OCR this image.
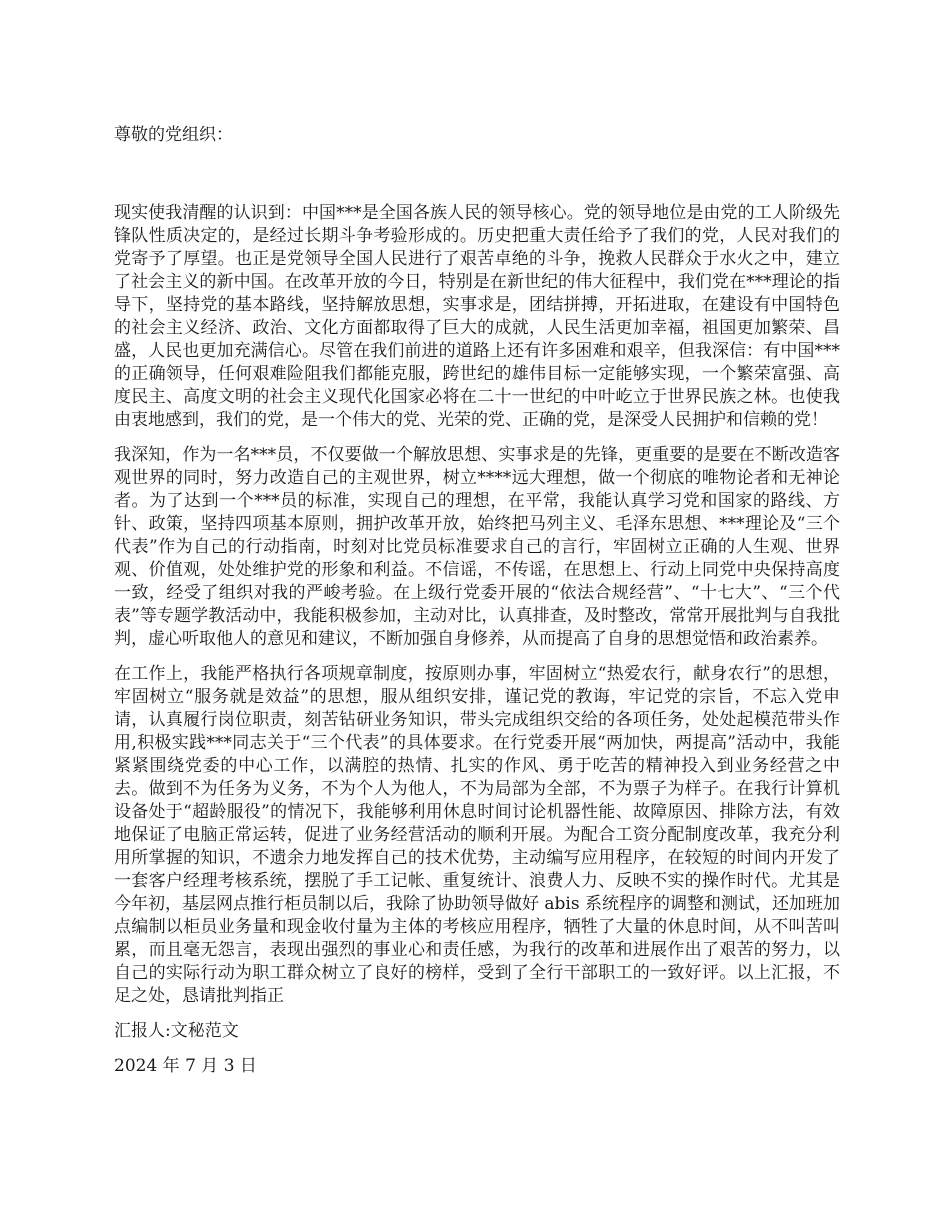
尊敬的党组织：

现实使我清醒的认识到：中国***是全国各族人民的领导核心。党的领导地位是由党的工人阶级先锋队性质决定的，是经过长期斗争考验形成的。历史把重大责任给予了我们的党，人民对我们的党寄予了厚望。也正是党领导全国人民进行了艰苦卓绝的斗争，挽救人民群众于水火之中，建立了社会主义的新中国。在改革开放的今日，特别是在新世纪的伟大征程中，我们党在***理论的指导下，坚持党的基本路线，坚持解放思想，实事求是，团结拼搏，开拓进取，在建设有中国特色的社会主义经济、政治、文化方面都取得了巨大的成就，人民生活更加幸福，祖国更加繁荣、昌盛，人民也更加充满信心。尽管在我们前进的道路上还有许多困难和艰辛，但我深信：有中国***的正确领导，任何艰难险阻我们都能克服，跨世纪的雄伟目标一定能够实现，一个繁荣富强、高度民主、高度文明的社会主义现代化国家必将在二十一世纪的中叶屹立于世界民族之林。也使我由衷地感到，我们的党，是一个伟大的党、光荣的党、正确的党，是深受人民拥护和信赖的党！

我深知，作为一名***员，不仅要做一个解放思想、实事求是的先锋，更重要的是要在不断改造客观世界的同时，努力改造自己的主观世界，树立****远大理想，做一个彻底的唯物论者和无神论者。为了达到一个***员的标准，实现自己的理想，在平常，我能认真学习党和国家的路线、方针、政策，坚持四项基本原则，拥护改革开放，始终把马列主义、毛泽东思想、***理论及“三个代表”作为自己的行动指南，时刻对比党员标准要求自己的言行，牢固树立正确的人生观、世界观、价值观，处处维护党的形象和利益。不信谣，不传谣，在思想上、行动上同党中央保持高度一致，经受了组织对我的严峻考验。在上级行党委开展的“依法合规经营”、“十七大”、“三个代表”等专题学教活动中，我能积极参加，主动对比，认真排查，及时整改，常常开展批判与自我批判，虚心听取他人的意见和建议，不断加强自身修养，从而提高了自身的思想觉悟和政治素养。

在工作上，我能严格执行各项规章制度，按原则办事，牢固树立“热爱农行，献身农行”的思想，牢固树立“服务就是效益”的思想，服从组织安排，谨记党的教诲，牢记党的宗旨，不忘入党申请，认真履行岗位职责，刻苦钻研业务知识，带头完成组织交给的各项任务，处处起模范带头作用,积极实践***同志关于“三个代表”的具体要求。在行党委开展“两加快，两提高”活动中，我能紧紧围绕党委的中心工作，以满腔的热情、扎实的作风、勇于吃苦的精神投入到业务经营之中去。做到不为任务为义务，不为个人为他人，不为局部为全部，不为票子为样子。在我行计算机设备处于“超龄服役”的情况下，我能够利用休息时间讨论机器性能、故障原因、排除方法，有效地保证了电脑正常运转，促进了业务经营活动的顺利开展。为配合工资分配制度改革，我充分利用所掌握的知识，不遗余力地发挥自己的技术优势，主动编写应用程序，在较短的时间内开发了一套客户经理考核系统，摆脱了手工记帐、重复统计、浪费人力、反映不实的操作时代。尤其是今年初，基层网点推行柜员制以后，我除了协助领导做好 abis 系统程序的调整和测试，还加班加点编制以柜员业务量和现金收付量为主体的考核应用程序，牺牲了大量的休息时间，从不叫苦叫累，而且毫无怨言，表现出强烈的事业心和责任感，为我行的改革和进展作出了艰苦的努力，以自己的实际行动为职工群众树立了良好的榜样，受到了全行干部职工的一致好评。以上汇报，不足之处，恳请批判指正

汇报人:文秘范文

2024 年 7 月 3 日
